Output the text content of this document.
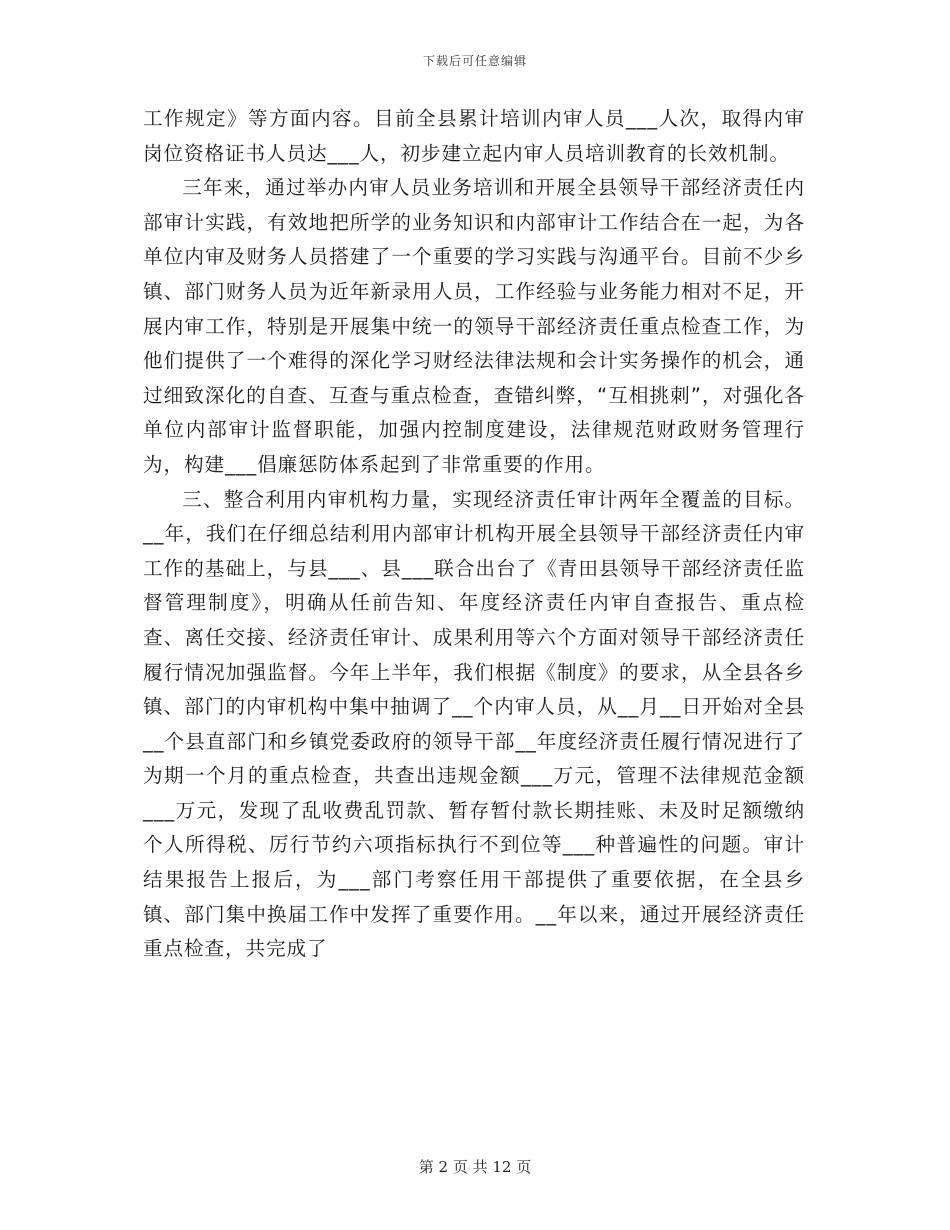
下载后可任意编辑

工作规定》等方面内容。目前全县累计培训内审人员___人次，取得内审岗位资格证书人员达___人，初步建立起内审人员培训教育的长效机制。

三年来，通过举办内审人员业务培训和开展全县领导干部经济责任内部审计实践，有效地把所学的业务知识和内部审计工作结合在一起，为各单位内审及财务人员搭建了一个重要的学习实践与沟通平台。目前不少乡镇、部门财务人员为近年新录用人员，工作经验与业务能力相对不足，开展内审工作，特别是开展集中统一的领导干部经济责任重点检查工作，为他们提供了一个难得的深化学习财经法律法规和会计实务操作的机会，通过细致深化的自查、互查与重点检查，查错纠弊，“互相挑刺”，对强化各单位内部审计监督职能，加强内控制度建设，法律规范财政财务管理行为，构建___倡廉惩防体系起到了非常重要的作用。

三、整合利用内审机构力量，实现经济责任审计两年全覆盖的目标。__年，我们在仔细总结利用内部审计机构开展全县领导干部经济责任内审工作的基础上，与县___、县___联合出台了《青田县领导干部经济责任监督管理制度》，明确从任前告知、年度经济责任内审自查报告、重点检查、离任交接、经济责任审计、成果利用等六个方面对领导干部经济责任履行情况加强监督。今年上半年，我们根据《制度》的要求，从全县各乡镇、部门的内审机构中集中抽调了__个内审人员，从__月__日开始对全县__个县直部门和乡镇党委政府的领导干部__年度经济责任履行情况进行了为期一个月的重点检查，共查出违规金额___万元，管理不法律规范金额___万元，发现了乱收费乱罚款、暂存暂付款长期挂账、未及时足额缴纳个人所得税、厉行节约六项指标执行不到位等___种普遍性的问题。审计结果报告上报后，为___部门考察任用干部提供了重要依据，在全县乡镇、部门集中换届工作中发挥了重要作用。__年以来，通过开展经济责任重点检查，共完成了

第 2 页 共 12 页
